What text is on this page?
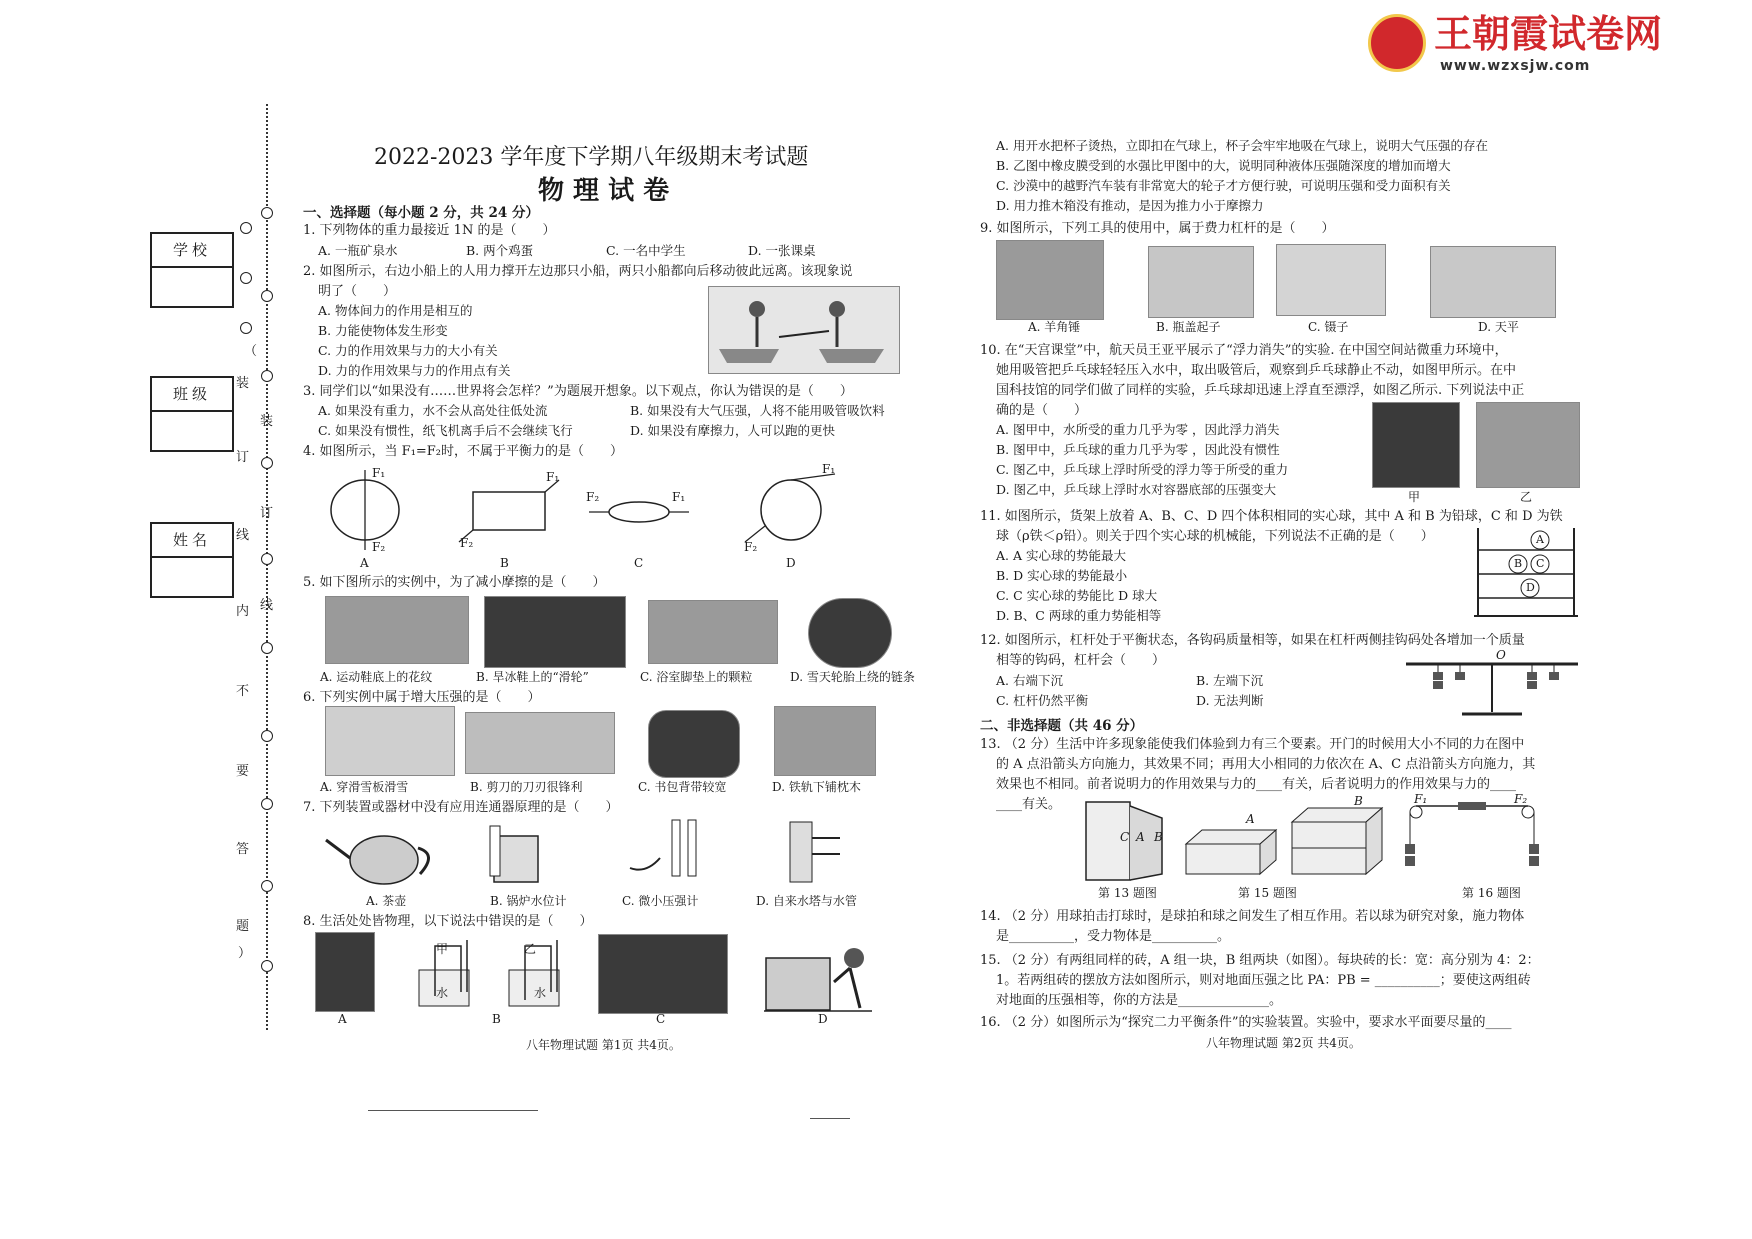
王朝霞试卷网
www.wzxsjw.com
（
装
装
订
订
线
线
内
不
要
答
题
）
学校
班级
姓名
2022-2023 学年度下学期八年级期末考试题
物 理 试 卷
一、选择题（每小题 2 分，共 24 分）
1. 下列物体的重力最接近 1N 的是（　　）
A. 一瓶矿泉水	B. 两个鸡蛋	C. 一名中学生	D. 一张课桌
2. 如图所示，右边小船上的人用力撑开左边那只小船，两只小船都向后移动彼此远离。该现象说
明了（　　）
A. 物体间力的作用是相互的
B. 力能使物体发生形变
C. 力的作用效果与力的大小有关
D. 力的作用效果与力的作用点有关
3. 同学们以“如果没有……世界将会怎样？”为题展开想象。以下观点，你认为错误的是（　　）
A. 如果没有重力，水不会从高处往低处流	B. 如果没有大气压强，人将不能用吸管吸饮料
C. 如果没有惯性，纸飞机离手后不会继续飞行	D. 如果没有摩擦力，人可以跑的更快
4. 如图所示，当 F₁=F₂时，不属于平衡力的是（　　）
F₁
F₂
F₁
F₂
F₂	F₁
F₁
F₂
A	B	C	D
5. 如下图所示的实例中，为了减小摩擦的是（　　）
A. 运动鞋底上的花纹	B. 旱冰鞋上的“滑轮”	C. 浴室脚垫上的颗粒	D. 雪天轮胎上绕的链条
6. 下列实例中属于增大压强的是（　　）
A. 穿滑雪板滑雪	B. 剪刀的刀刃很锋利	C. 书包背带较宽	D. 铁轨下铺枕木
7. 下列装置或器材中没有应用连通器原理的是（　　）
A. 茶壶	B. 锅炉水位计	C. 微小压强计	D. 自来水塔与水管
8. 生活处处皆物理，以下说法中错误的是（　　）
甲	乙
水	水
A	B	C	D
八年物理试题 第1页 共4页。
A. 用开水把杯子烫热，立即扣在气球上，杯子会牢牢地吸在气球上，说明大气压强的存在
B. 乙图中橡皮膜受到的水强比甲图中的大，说明同种液体压强随深度的增加而增大
C. 沙漠中的越野汽车装有非常宽大的轮子才方便行驶，可说明压强和受力面积有关
D. 用力推木箱没有推动，是因为推力小于摩擦力
9. 如图所示，下列工具的使用中，属于费力杠杆的是（　　）
A. 羊角锤	B. 瓶盖起子	C. 镊子	D. 天平
10. 在“天宫课堂”中，航天员王亚平展示了“浮力消失”的实验. 在中国空间站微重力环境中，
她用吸管把乒乓球轻轻压入水中，取出吸管后，观察到乒乓球静止不动，如图甲所示。在中
国科技馆的同学们做了同样的实验，乒乓球却迅速上浮直至漂浮，如图乙所示. 下列说法中正
确的是（　　）
A. 图甲中，水所受的重力几乎为零 ，因此浮力消失
B. 图甲中，乒乓球的重力几乎为零 ，因此没有惯性
C. 图乙中，乒乓球上浮时所受的浮力等于所受的重力
D. 图乙中，乒乓球上浮时水对容器底部的压强变大	甲	乙
11. 如图所示，货架上放着 A、B、C、D 四个体积相同的实心球，其中 A 和 B 为铅球，C 和 D 为铁
球（ρ铁＜ρ铅）。则关于四个实心球的机械能，下列说法不正确的是（　　）
A. A 实心球的势能最大
B. D 实心球的势能最小
C. C 实心球的势能比 D 球大
D. B、C 两球的重力势能相等
A
B C
D
12. 如图所示，杠杆处于平衡状态，各钩码质量相等，如果在杠杆两侧挂钩码处各增加一个质量
相等的钩码，杠杆会（　　）
A. 右端下沉	B. 左端下沉
C. 杠杆仍然平衡	D. 无法判断
O
二、非选择题（共 46 分）
13. （2 分）生活中许多现象能使我们体验到力有三个要素。开门的时候用大小不同的力在图中
的 A 点沿箭头方向施力，其效果不同；再用大小相同的力依次在 A、C 点沿箭头方向施力，其
效果也不相同。前者说明力的作用效果与力的____有关，后者说明力的作用效果与力的____
____有关。
C A B
A
B	F₁	F₂
第 13 题图	第 15 题图	第 16 题图
14. （2 分）用球拍击打球时，是球拍和球之间发生了相互作用。若以球为研究对象，施力物体
是__________，受力物体是__________。
15. （2 分）有两组同样的砖，A 组一块，B 组两块（如图）。每块砖的长：宽：高分别为 4：2：
1。若两组砖的摆放方法如图所示，则对地面压强之比 PA：PB = __________；要使这两组砖
对地面的压强相等，你的方法是______________。
16. （2 分）如图所示为“探究二力平衡条件”的实验装置。实验中，要求水平面要尽量的____
八年物理试题 第2页 共4页。
